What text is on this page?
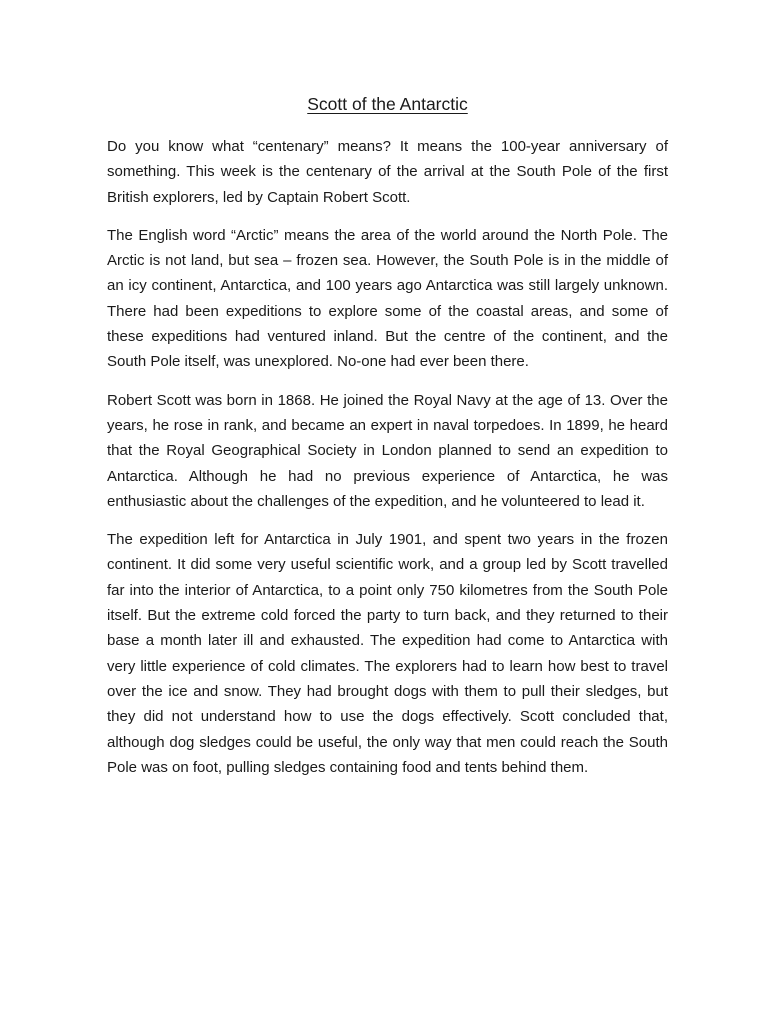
Scott of the Antarctic

Do you know what “centenary” means? It means the 100-year anniversary of something. This week is the centenary of the arrival at the South Pole of the first British explorers, led by Captain Robert Scott.

The English word “Arctic” means the area of the world around the North Pole. The Arctic is not land, but sea – frozen sea. However, the South Pole is in the middle of an icy continent, Antarctica, and 100 years ago Antarctica was still largely unknown. There had been expeditions to explore some of the coastal areas, and some of these expeditions had ventured inland. But the centre of the continent, and the South Pole itself, was unexplored. No-one had ever been there.

Robert Scott was born in 1868. He joined the Royal Navy at the age of 13. Over the years, he rose in rank, and became an expert in naval torpedoes. In 1899, he heard that the Royal Geographical Society in London planned to send an expedition to Antarctica. Although he had no previous experience of Antarctica, he was enthusiastic about the challenges of the expedition, and he volunteered to lead it.

The expedition left for Antarctica in July 1901, and spent two years in the frozen continent. It did some very useful scientific work, and a group led by Scott travelled far into the interior of Antarctica, to a point only 750 kilometres from the South Pole itself. But the extreme cold forced the party to turn back, and they returned to their base a month later ill and exhausted. The expedition had come to Antarctica with very little experience of cold climates. The explorers had to learn how best to travel over the ice and snow. They had brought dogs with them to pull their sledges, but they did not understand how to use the dogs effectively. Scott concluded that, although dog sledges could be useful, the only way that men could reach the South Pole was on foot, pulling sledges containing food and tents behind them.
